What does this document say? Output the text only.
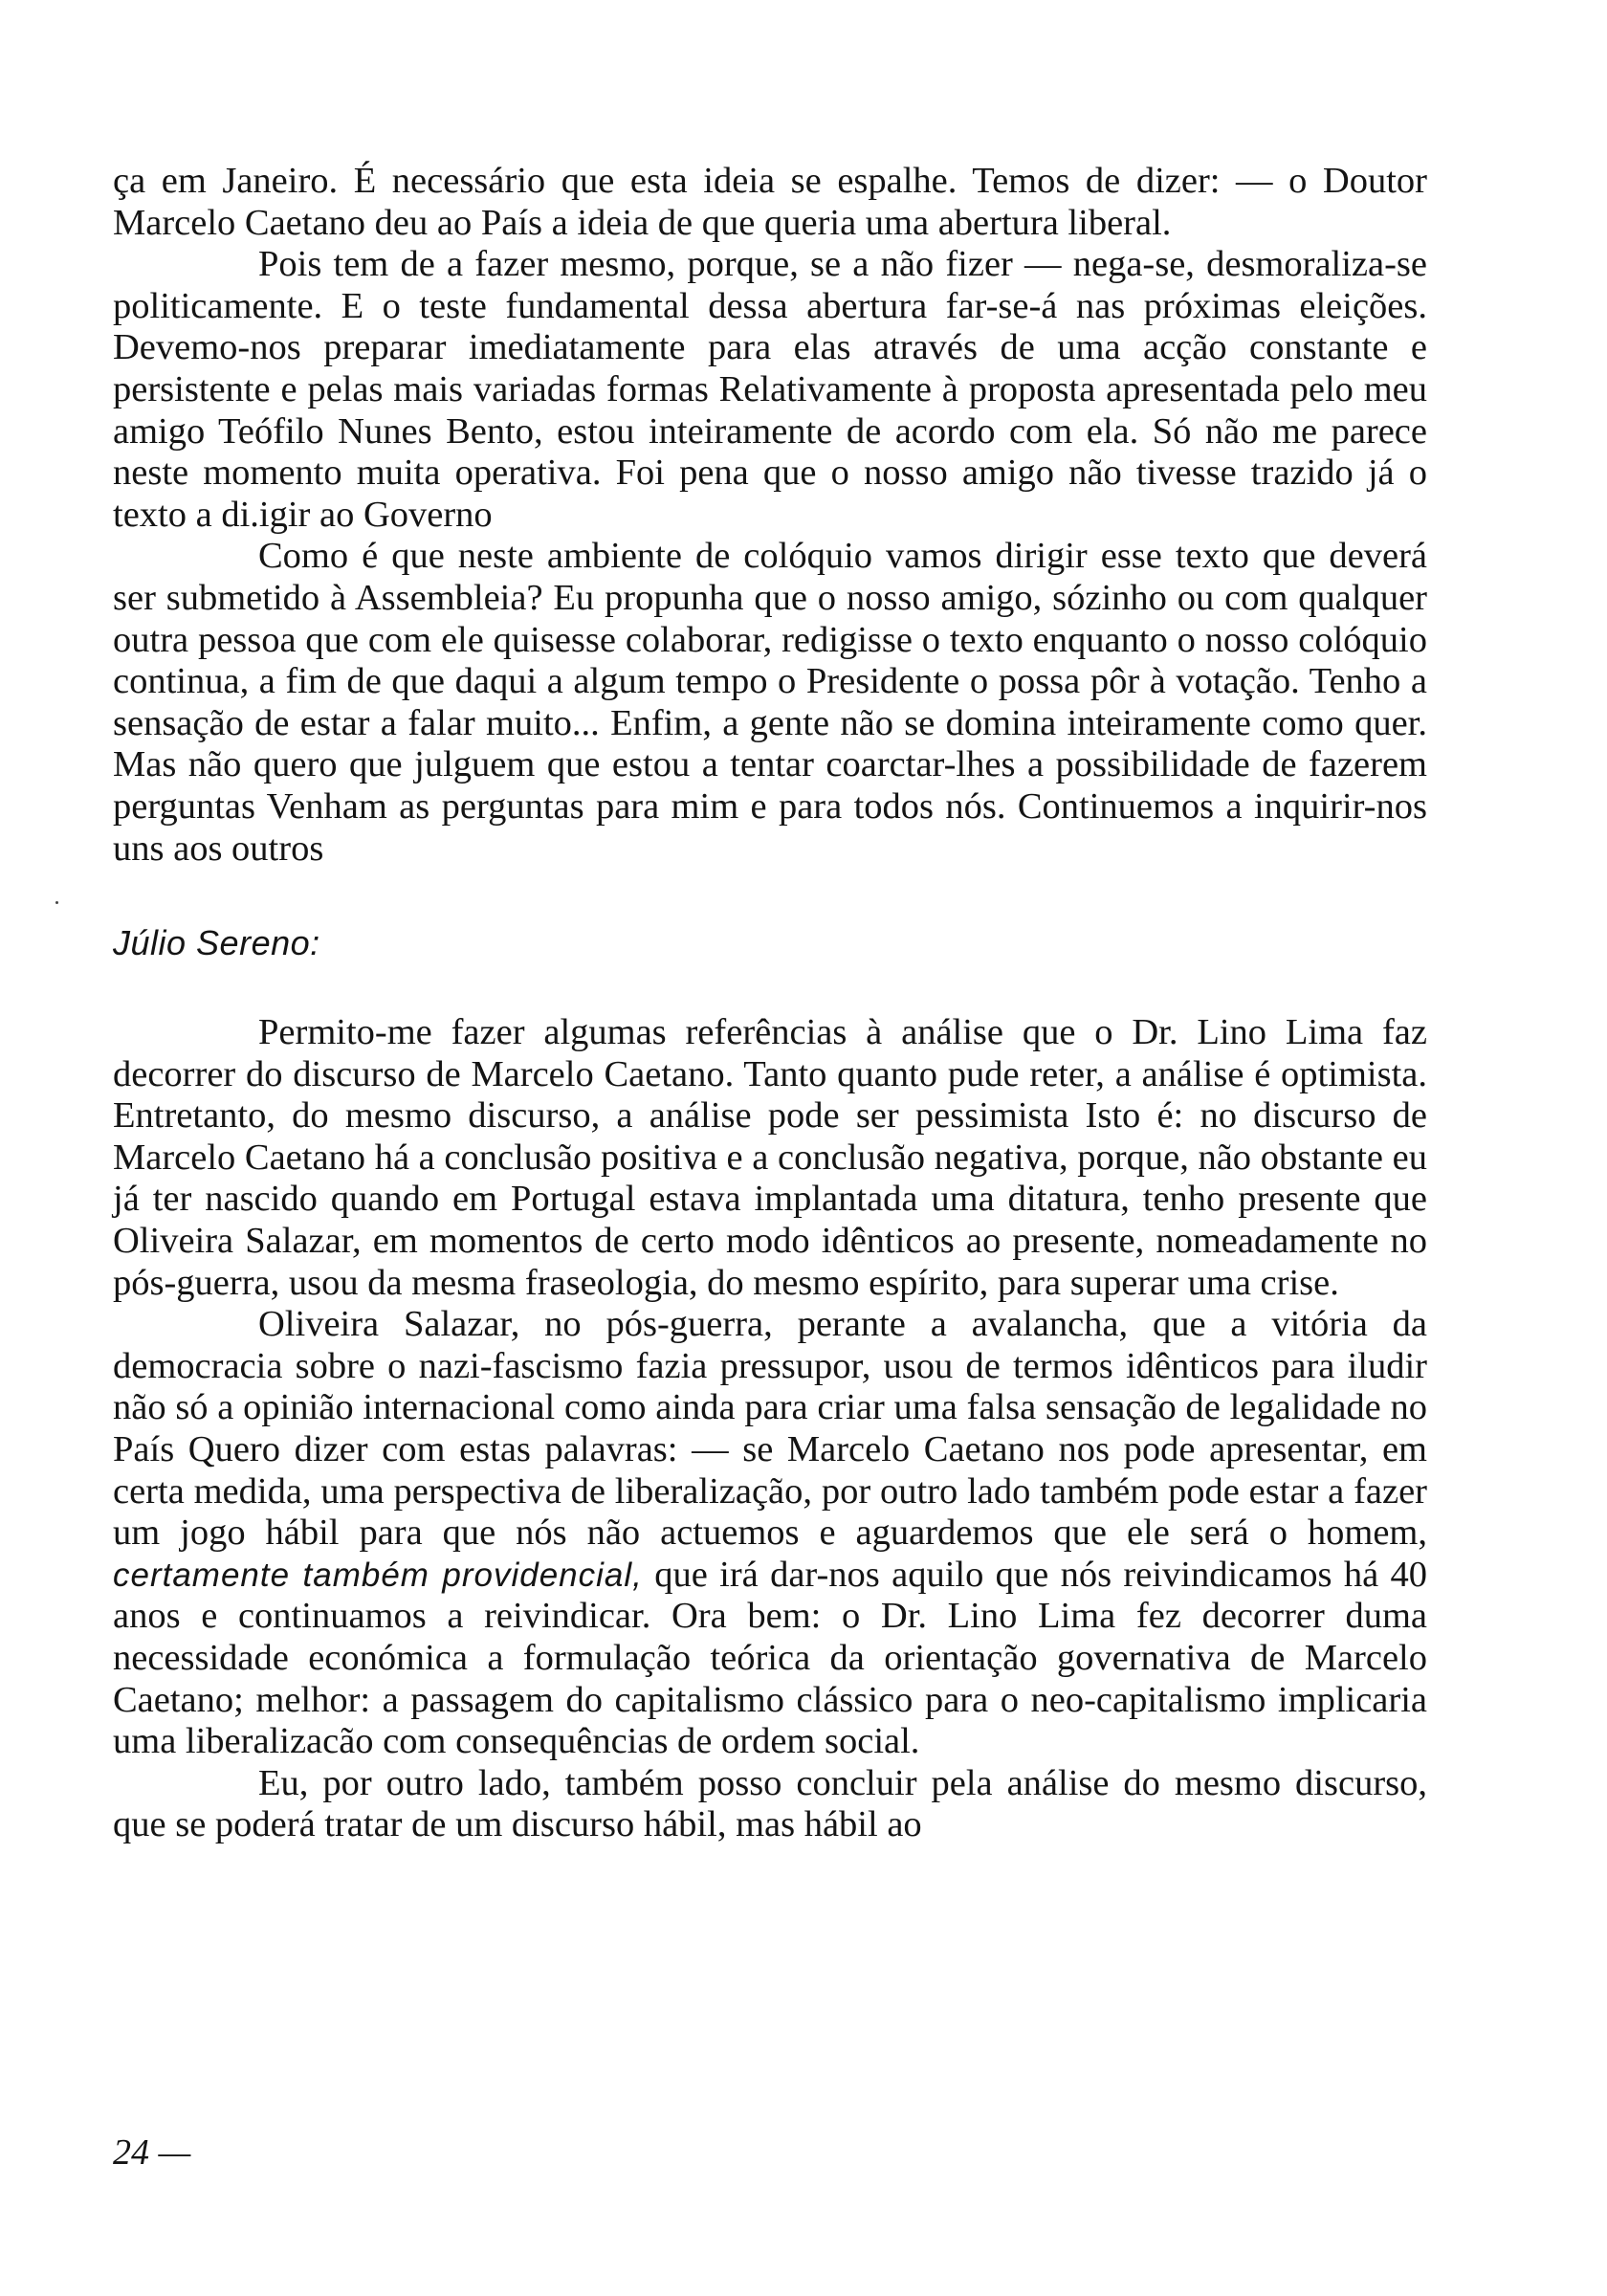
ça em Janeiro. É necessário que esta ideia se espalhe. Temos de dizer: — o Doutor Marcelo Caetano deu ao País a ideia de que queria uma abertura liberal.

Pois tem de a fazer mesmo, porque, se a não fizer — nega-se, desmoraliza-se politicamente. E o teste fundamental dessa abertura far-se-á nas próximas eleições. Devemo-nos preparar imediatamente para elas através de uma acção constante e persistente e pelas mais variadas formas Relativamente à proposta apresentada pelo meu amigo Teófilo Nunes Bento, estou inteiramente de acordo com ela. Só não me parece neste momento muita operativa. Foi pena que o nosso amigo não tivesse trazido já o texto a di.igir ao Governo

Como é que neste ambiente de colóquio vamos dirigir esse texto que deverá ser submetido à Assembleia? Eu propunha que o nosso amigo, sózinho ou com qualquer outra pessoa que com ele quisesse colaborar, redigisse o texto enquanto o nosso colóquio continua, a fim de que daqui a algum tempo o Presidente o possa pôr à votação. Tenho a sensação de estar a falar muito... Enfim, a gente não se domina inteiramente como quer. Mas não quero que julguem que estou a tentar coarctar-lhes a possibilidade de fazerem perguntas Venham as perguntas para mim e para todos nós. Continuemos a inquirir-nos uns aos outros

Júlio Sereno:

Permito-me fazer algumas referências à análise que o Dr. Lino Lima faz decorrer do discurso de Marcelo Caetano. Tanto quanto pude reter, a análise é optimista. Entretanto, do mesmo discurso, a análise pode ser pessimista Isto é: no discurso de Marcelo Caetano há a conclusão positiva e a conclusão negativa, porque, não obstante eu já ter nascido quando em Portugal estava implantada uma ditatura, tenho presente que Oliveira Salazar, em momentos de certo modo idênticos ao presente, nomeadamente no pós-guerra, usou da mesma fraseologia, do mesmo espírito, para superar uma crise.

Oliveira Salazar, no pós-guerra, perante a avalancha, que a vitória da democracia sobre o nazi-fascismo fazia pressupor, usou de termos idênticos para iludir não só a opinião internacional como ainda para criar uma falsa sensação de legalidade no País Quero dizer com estas palavras: — se Marcelo Caetano nos pode apresentar, em certa medida, uma perspectiva de liberalização, por outro lado também pode estar a fazer um jogo hábil para que nós não actuemos e aguardemos que ele será o homem, certamente também providencial, que irá dar-nos aquilo que nós reivindicamos há 40 anos e continuamos a reivindicar. Ora bem: o Dr. Lino Lima fez decorrer duma necessidade económica a formulação teórica da orientação governativa de Marcelo Caetano; melhor: a passagem do capitalismo clássico para o neo-capitalismo implicaria uma liberalizacão com consequências de ordem social.

Eu, por outro lado, também posso concluir pela análise do mesmo discurso, que se poderá tratar de um discurso hábil, mas hábil ao

24 —
